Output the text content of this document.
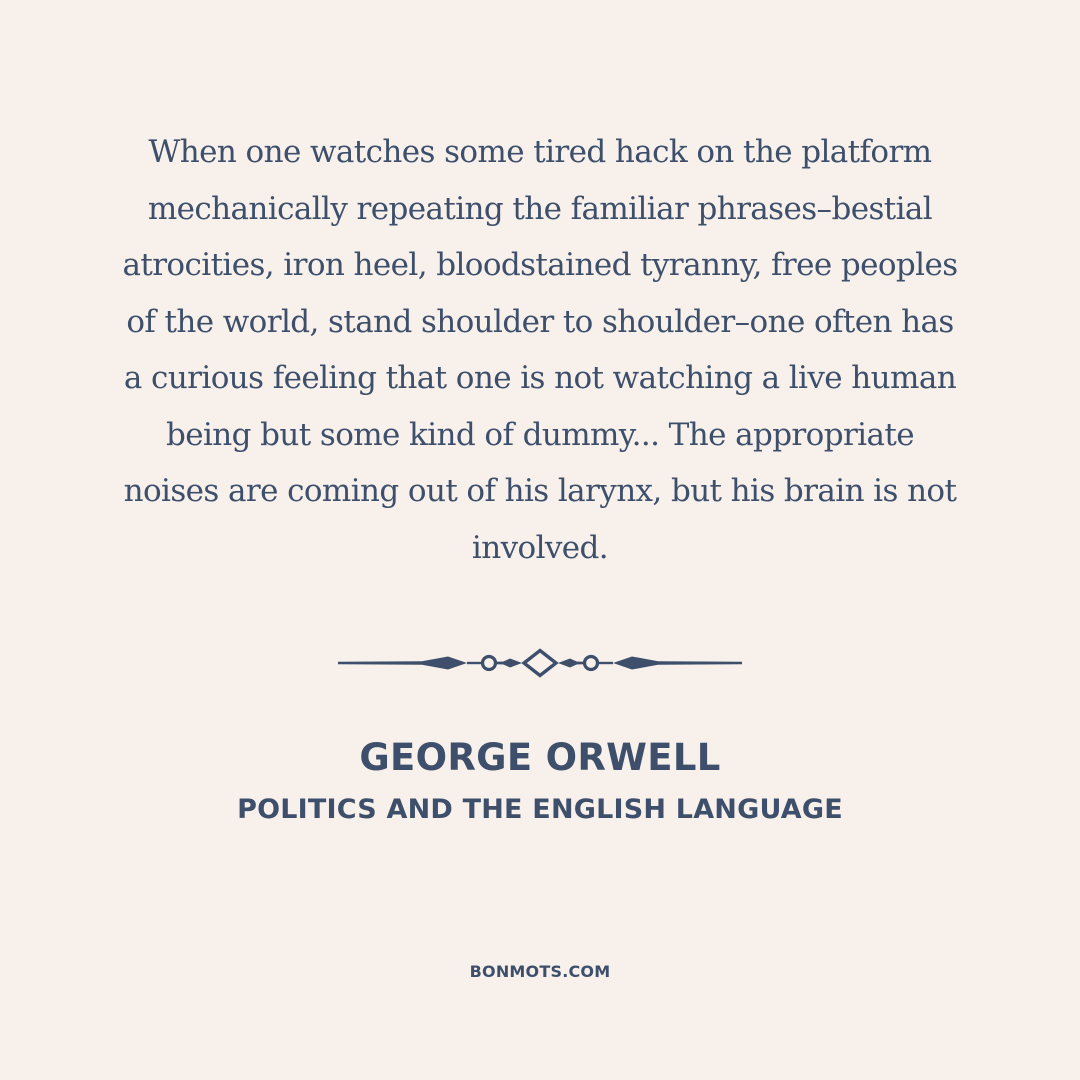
When one watches some tired hack on the platform
mechanically repeating the familiar phrases–bestial
atrocities, iron heel, bloodstained tyranny, free peoples
of the world, stand shoulder to shoulder–one often has
a curious feeling that one is not watching a live human
being but some kind of dummy... The appropriate
noises are coming out of his larynx, but his brain is not
involved.

GEORGE ORWELL
POLITICS AND THE ENGLISH LANGUAGE
BONMOTS.COM
